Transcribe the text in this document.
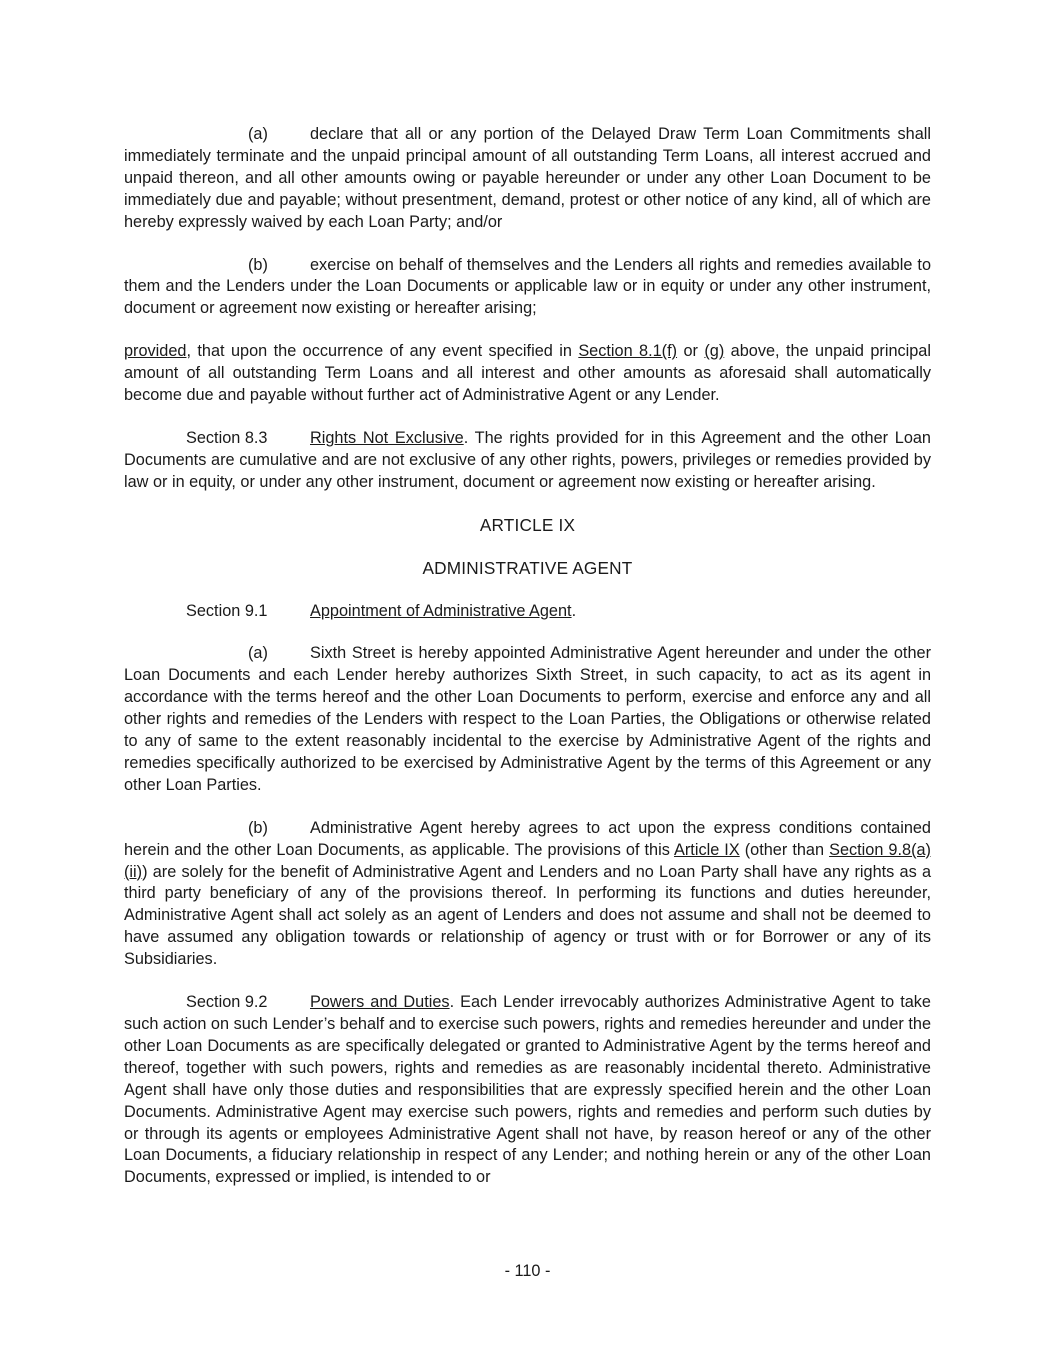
(a)	declare that all or any portion of the Delayed Draw Term Loan Commitments shall immediately terminate and the unpaid principal amount of all outstanding Term Loans, all interest accrued and unpaid thereon, and all other amounts owing or payable hereunder or under any other Loan Document to be immediately due and payable; without presentment, demand, protest or other notice of any kind, all of which are hereby expressly waived by each Loan Party; and/or

(b)	exercise on behalf of themselves and the Lenders all rights and remedies available to them and the Lenders under the Loan Documents or applicable law or in equity or under any other instrument, document or agreement now existing or hereafter arising;

provided, that upon the occurrence of any event specified in Section 8.1(f) or (g) above, the unpaid principal amount of all outstanding Term Loans and all interest and other amounts as aforesaid shall automatically become due and payable without further act of Administrative Agent or any Lender.

Section 8.3	Rights Not Exclusive. The rights provided for in this Agreement and the other Loan Documents are cumulative and are not exclusive of any other rights, powers, privileges or remedies provided by law or in equity, or under any other instrument, document or agreement now existing or hereafter arising.

ARTICLE IX

ADMINISTRATIVE AGENT

Section 9.1	Appointment of Administrative Agent.

(a)	Sixth Street is hereby appointed Administrative Agent hereunder and under the other Loan Documents and each Lender hereby authorizes Sixth Street, in such capacity, to act as its agent in accordance with the terms hereof and the other Loan Documents to perform, exercise and enforce any and all other rights and remedies of the Lenders with respect to the Loan Parties, the Obligations or otherwise related to any of same to the extent reasonably incidental to the exercise by Administrative Agent of the rights and remedies specifically authorized to be exercised by Administrative Agent by the terms of this Agreement or any other Loan Parties.

(b)	Administrative Agent hereby agrees to act upon the express conditions contained herein and the other Loan Documents, as applicable. The provisions of this Article IX (other than Section 9.8(a)(ii)) are solely for the benefit of Administrative Agent and Lenders and no Loan Party shall have any rights as a third party beneficiary of any of the provisions thereof. In performing its functions and duties hereunder, Administrative Agent shall act solely as an agent of Lenders and does not assume and shall not be deemed to have assumed any obligation towards or relationship of agency or trust with or for Borrower or any of its Subsidiaries.

Section 9.2	Powers and Duties. Each Lender irrevocably authorizes Administrative Agent to take such action on such Lender’s behalf and to exercise such powers, rights and remedies hereunder and under the other Loan Documents as are specifically delegated or granted to Administrative Agent by the terms hereof and thereof, together with such powers, rights and remedies as are reasonably incidental thereto. Administrative Agent shall have only those duties and responsibilities that are expressly specified herein and the other Loan Documents. Administrative Agent may exercise such powers, rights and remedies and perform such duties by or through its agents or employees Administrative Agent shall not have, by reason hereof or any of the other Loan Documents, a fiduciary relationship in respect of any Lender; and nothing herein or any of the other Loan Documents, expressed or implied, is intended to or

- 110 -
